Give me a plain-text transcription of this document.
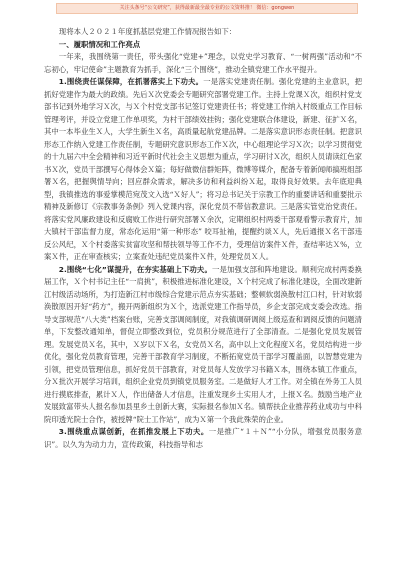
关注头条号“公文研究”，获得最新最全最专业的公文资料推！ 微信：gongwen

现将本人２０２１年度抓基层党建工作情况报告如下：

一、履职情况和工作亮点

一年来，我围绕第一责任，带头强化“党建+”理念，以党史学习教育、“一树两强”活动和“不忘初心，牢记使命”主题教育为抓手，深化“三个围绕”，推动全镇党建工作水平提升。

1.围绕责任谋保障，在抓署落实上下功夫。一是落实党建责任制。强化党建的主业意识，把抓好党建作为最大的政绩。先后Ｘ次党委会专题研究部署党建工作。主持上党课Ｘ次，组织村党支部书记到外地学习Ｘ次，与Ｘ个村党支部书记签订党建责任书；将党建工作纳入村级重点工作目标管理考评，并设立党建工作单项奖，为村干部绩效挂钩；强化党建联合体建设，新建、征扩Ｘ名，其中一本毕业生Ｘ人，大学生新生Ｘ名，高质量起航党建品牌。二是落实意识形态责任制。把意识形态工作纳入党建工作责任制，专题研究意识形态工作Ｘ次，中心组理论学习Ｘ次；以学习贯彻党的十九届六中全会精神和习近平新时代社会主义思想为重点，学习研讨Ｘ次，组织人员请读红色家书Ｘ次，党员干部撰写心得体会Ｘ篇；每好做微信群矩阵，微博等媒介，配备专着新闻师搞班组部署Ｘ名，把握舆情导向；回应群众需求，解决多访和利益纠纷Ｘ起，取得良好效果。去年底迎典型，我镇推选的事爱掌模范宛茂文入选“Ｘ好人”；将习总书记关于宗教工作的重要讲话和重要批示精神及新修订《宗教事务条例》列入党课内容，深化党员不带信教意识。三是落实管党治党责任。将落实党风廉政建设和反腐败工作进行研究部署Ｘ余次，定期组织村两委干部观看警示教育片，加大镇村干部监督力度，常态化运用“第一种形态” 咬耳扯袖，提醒约谈Ｘ人，先后通报Ｘ名干部违反公风纪，Ｘ个村委落实贫富攻坚和帮扶领导等工作不力，受理信访案件Ｘ件，查结率达Ｘ%，立案Ｘ件，正在审查核实；立案查处违纪党员案件Ｘ件，处理党员Ｘ人。

2.围绕“七化”谋提升，在夯实基础上下功夫。一是加强支部和阵地建设。顺利完成村两委换届工作，Ｘ个村书记主任“一肩挑”，积极推进标准化建设，Ｘ个村完成了标准化建设，全面改建新江村级活动场所，为打造新江村市级综合党建示范点夯实基础；整顿软弱涣散村江口村，针对软弱涣散原因开好“药方”，搬开两新组织为Ｘ个，选派党建工作指导员，乡企支部完成支委会改选。指导支部规范“八大类”档案台账，完善支部调阅制度，对我镇调研调阅上级巡查和调阅反馈的问题清单，下发整改通知单，督促立即整改到位，党员积分规范进行了全部清查。二是强化党员发展管理。发展党员Ｘ名，其中，Ｘ岁以下Ｘ名，女党员Ｘ名，高中以上文化程度Ｘ名，党员结构进一步优化，强化党员教育管理，完善干部教育学习制度，不断拓宽党员干部学习覆盖面，以智慧党建为引领，把党员管理信息，抓好党员干部教育，对党员每人发放学习书籍Ｘ本，围绕本镇工作重点，分Ｘ批次开展学习培训，组织企业党员到镇党员服务室。二是做好人才工作。对全镇在外务工人员进行摸底排查，累计Ｘ人，作出储备人才信息，注重发现乡土实用人才，上报Ｘ名。鼓励当地产业发展致富带头人报名参加县里乡土创新大赛，实际报名参加Ｘ名。镇帮扶企业推荐药业成功与中科院印透光院士合作，被授牌“院士工作站”，成为Ｘ第一个我此殊荣的企业。

3.围绕重点谋创新，在抓推发展上下功夫。一是推广“１＋Ｎ”“小分队，增强党员服务意识”。以久为为动力力，宣传政策，科技指导和志
